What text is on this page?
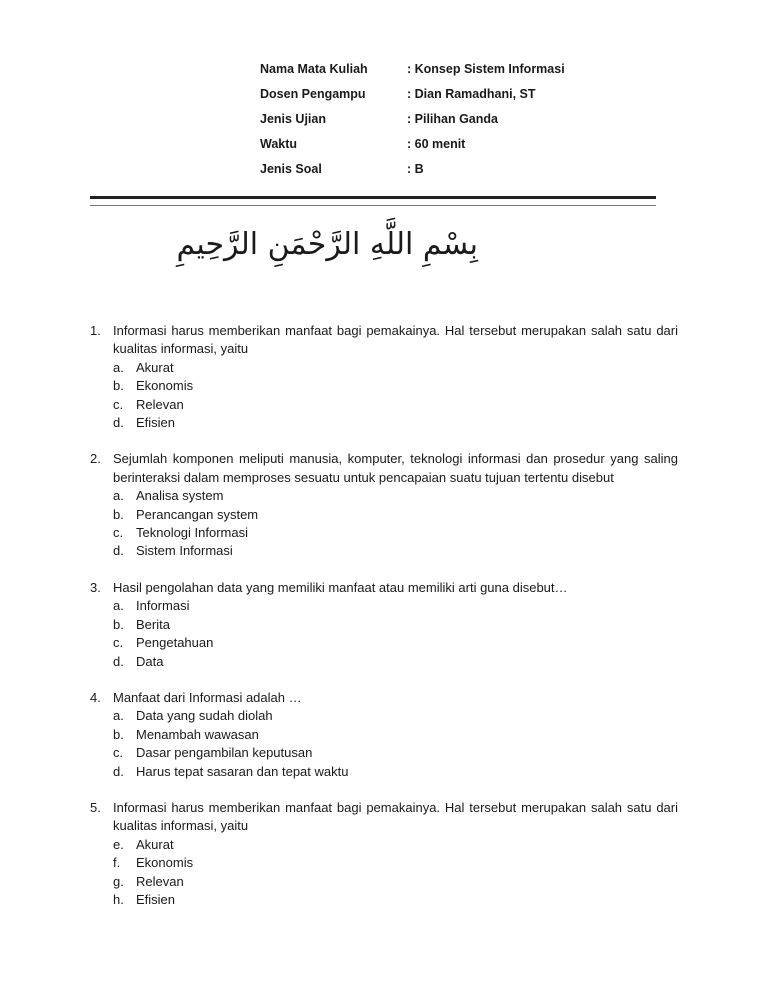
Nama Mata Kuliah	: Konsep Sistem Informasi
Dosen Pengampu	: Dian Ramadhani, ST
Jenis Ujian	: Pilihan Ganda
Waktu	: 60 menit
Jenis Soal	: B
بِسْمِ اللَّهِ الرَّحْمَنِ الرَّحِيمِ
1. Informasi harus memberikan manfaat bagi pemakainya. Hal tersebut merupakan salah satu dari kualitas informasi, yaitu
a. Akurat
b. Ekonomis
c. Relevan
d. Efisien
2. Sejumlah komponen meliputi manusia, komputer, teknologi informasi dan prosedur yang saling berinteraksi dalam memproses sesuatu untuk pencapaian suatu tujuan tertentu disebut
a. Analisa system
b. Perancangan system
c. Teknologi Informasi
d. Sistem Informasi
3. Hasil pengolahan data yang memiliki manfaat atau memiliki arti guna disebut…
a. Informasi
b. Berita
c. Pengetahuan
d. Data
4. Manfaat dari Informasi adalah …
a. Data yang sudah diolah
b. Menambah wawasan
c. Dasar pengambilan keputusan
d. Harus tepat sasaran dan tepat waktu
5. Informasi harus memberikan manfaat bagi pemakainya. Hal tersebut merupakan salah satu dari kualitas informasi, yaitu
e. Akurat
f.	Ekonomis
g. Relevan
h. Efisien
